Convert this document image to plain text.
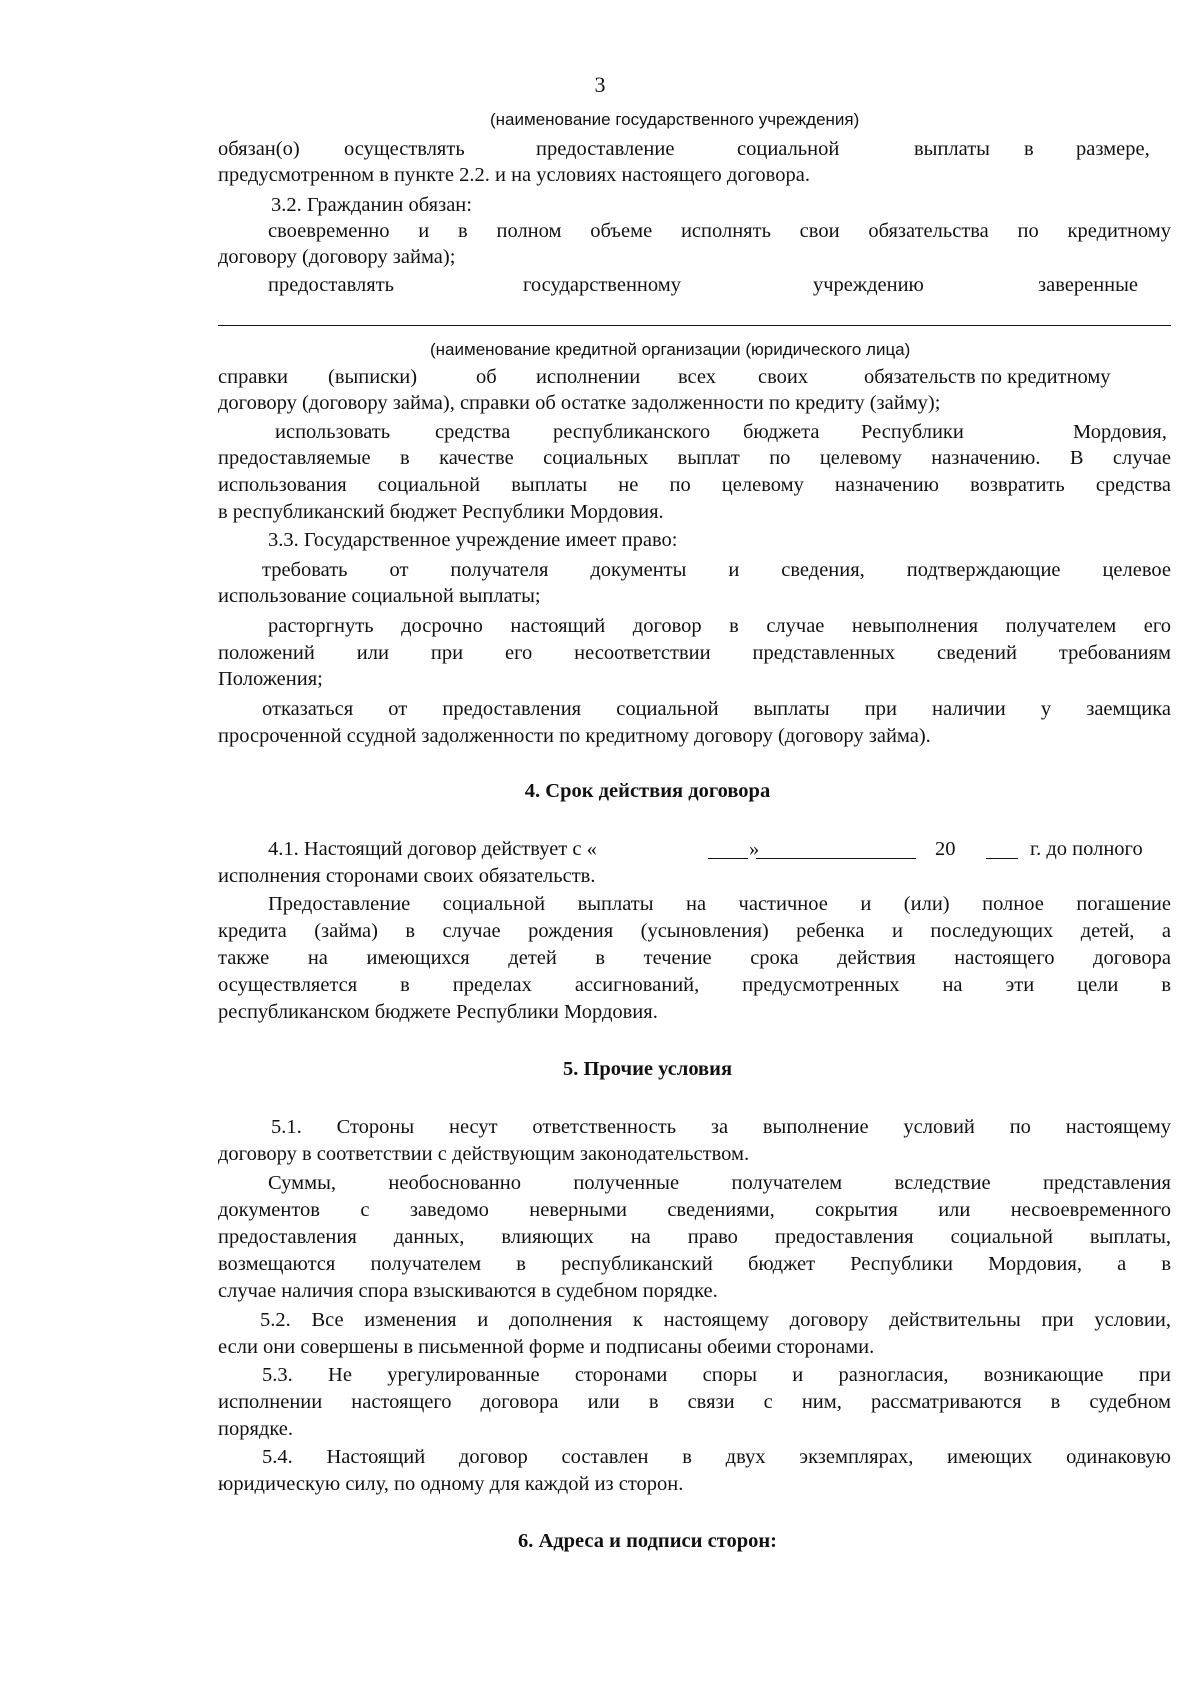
3
(наименование государственного учреждения)
обязан(о) осуществлять	предоставление	социальной	выплаты в размере,
предусмотренном в пункте 2.2. и на условиях настоящего договора.
3.2. Гражданин обязан:
своевременно и в полном объеме исполнять свои обязательства по кредитному
договору (договору займа);
предоставлять	государственному	учреждению	заверенные
(наименование кредитной организации (юридического лица)
справки (выписки)	об исполнении всех своих	обязательств по кредитному
договору (договору займа), справки об остатке задолженности по кредиту (займу);
использовать средства республиканского бюджета Республики	Мордовия,
предоставляемые в качестве социальных выплат по целевому назначению. В случае
использования социальной выплаты не по целевому назначению возвратить средства
в республиканский бюджет Республики Мордовия.
3.3. Государственное учреждение имеет право:
требовать от получателя документы и сведения, подтверждающие целевое
использование социальной выплаты;
расторгнуть досрочно настоящий договор в случае невыполнения получателем его
положений или при его несоответствии представленных сведений требованиям
Положения;
отказаться от предоставления социальной выплаты при наличии у заемщика
просроченной ссудной задолженности по кредитному договору (договору займа).
4. Срок действия договора
4.1. Настоящий договор действует с «	»	20	г. до полного
исполнения сторонами своих обязательств.
Предоставление социальной выплаты на частичное и (или) полное погашение
кредита (займа) в случае рождения (усыновления) ребенка и последующих детей, а
также на имеющихся детей в течение срока действия настоящего договора
осуществляется в пределах ассигнований, предусмотренных на эти цели в
республиканском бюджете Республики Мордовия.
5. Прочие условия
5.1. Стороны несут ответственность за выполнение условий по настоящему
договору в соответствии с действующим законодательством.
Суммы, необоснованно полученные получателем вследствие представления
документов с заведомо неверными сведениями, сокрытия или несвоевременного
предоставления данных, влияющих на право предоставления социальной выплаты,
возмещаются получателем в республиканский бюджет Республики Мордовия, а в
случае наличия спора взыскиваются в судебном порядке.
5.2. Все изменения и дополнения к настоящему договору действительны при условии,
если они совершены в письменной форме и подписаны обеими сторонами.
5.3. Не урегулированные сторонами споры и разногласия, возникающие при
исполнении настоящего договора или в связи с ним, рассматриваются в судебном
порядке.
5.4. Настоящий договор составлен в двух экземплярах, имеющих одинаковую
юридическую силу, по одному для каждой из сторон.
6. Адреса и подписи сторон:
